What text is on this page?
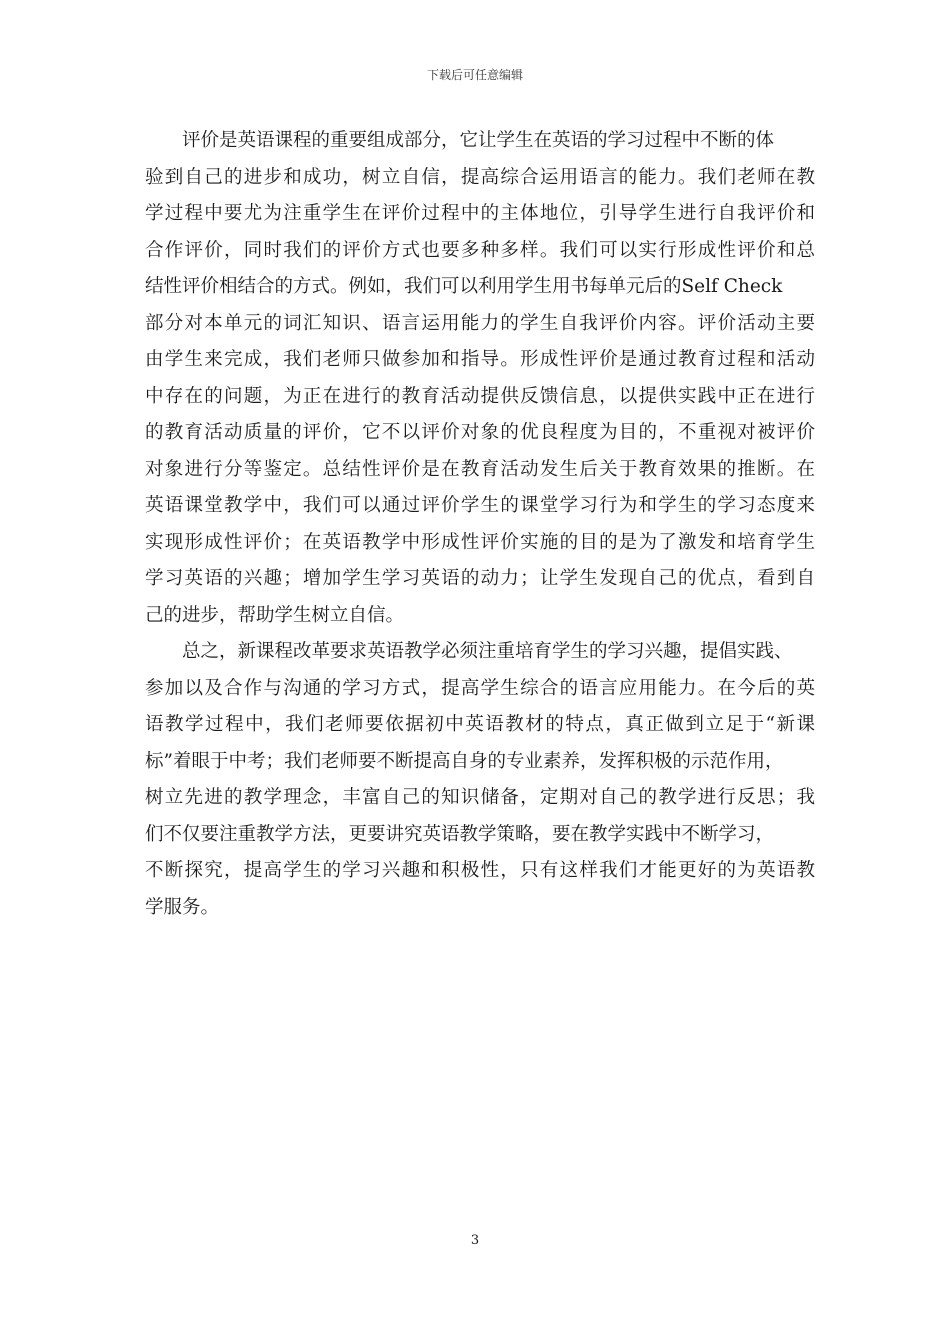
下载后可任意编辑
评价是英语课程的重要组成部分，它让学生在英语的学习过程中不断的体
验到自己的进步和成功，树立自信，提高综合运用语言的能力。我们老师在教
学过程中要尤为注重学生在评价过程中的主体地位，引导学生进行自我评价和
合作评价，同时我们的评价方式也要多种多样。我们可以实行形成性评价和总
结性评价相结合的方式。例如，我们可以利用学生用书每单元后的Self Check
部分对本单元的词汇知识、语言运用能力的学生自我评价内容。评价活动主要
由学生来完成，我们老师只做参加和指导。形成性评价是通过教育过程和活动
中存在的问题，为正在进行的教育活动提供反馈信息，以提供实践中正在进行
的教育活动质量的评价，它不以评价对象的优良程度为目的，不重视对被评价
对象进行分等鉴定。总结性评价是在教育活动发生后关于教育效果的推断。在
英语课堂教学中，我们可以通过评价学生的课堂学习行为和学生的学习态度来
实现形成性评价；在英语教学中形成性评价实施的目的是为了激发和培育学生
学习英语的兴趣；增加学生学习英语的动力；让学生发现自己的优点，看到自
己的进步，帮助学生树立自信。
总之，新课程改革要求英语教学必须注重培育学生的学习兴趣，提倡实践、
参加以及合作与沟通的学习方式，提高学生综合的语言应用能力。在今后的英
语教学过程中，我们老师要依据初中英语教材的特点，真正做到立足于“新课
标”着眼于中考；我们老师要不断提高自身的专业素养，发挥积极的示范作用，
树立先进的教学理念，丰富自己的知识储备，定期对自己的教学进行反思；我
们不仅要注重教学方法，更要讲究英语教学策略，要在教学实践中不断学习，
不断探究，提高学生的学习兴趣和积极性，只有这样我们才能更好的为英语教
学服务。
3
